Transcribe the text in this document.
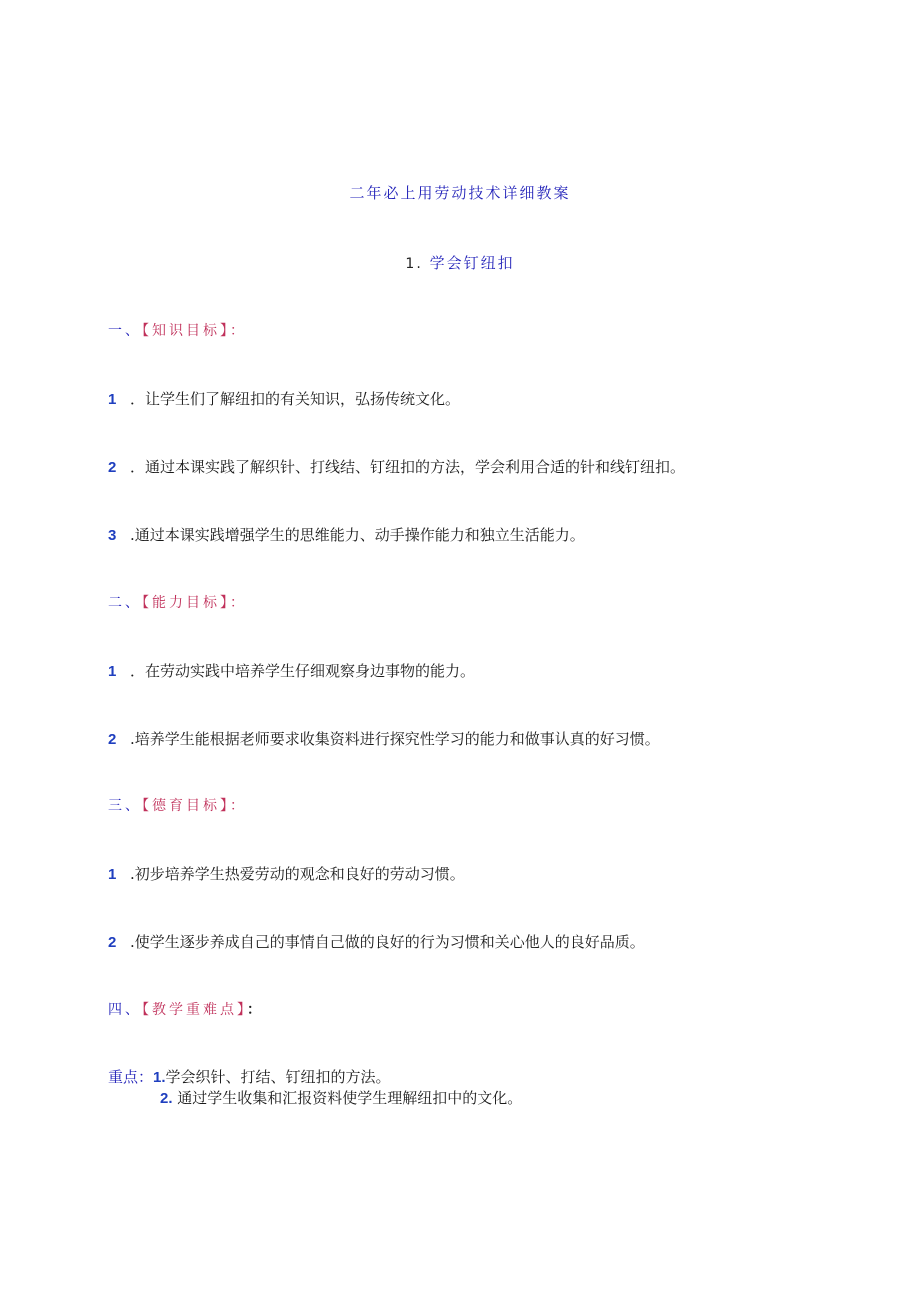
二年必上用劳动技术详细教案
1. 学会钉纽扣
一、【知识目标】：
1 ．让学生们了解纽扣的有关知识，弘扬传统文化。
2 ．通过本课实践了解织针、打线结、钉纽扣的方法，学会利用合适的针和线钉纽扣。
3 .通过本课实践增强学生的思维能力、动手操作能力和独立生活能力。
二、【能力目标】：
1 ．在劳动实践中培养学生仔细观察身边事物的能力。
2 .培养学生能根据老师要求收集资料进行探究性学习的能力和做事认真的好习惯。
三、【德育目标】：
1 .初步培养学生热爱劳动的观念和良好的劳动习惯。
2 .使学生逐步养成自己的事情自己做的良好的行为习惯和关心他人的良好品质。
四、【教学重难点】：
重点：1.学会织针、打结、钉纽扣的方法。
2. 通过学生收集和汇报资料使学生理解纽扣中的文化。
